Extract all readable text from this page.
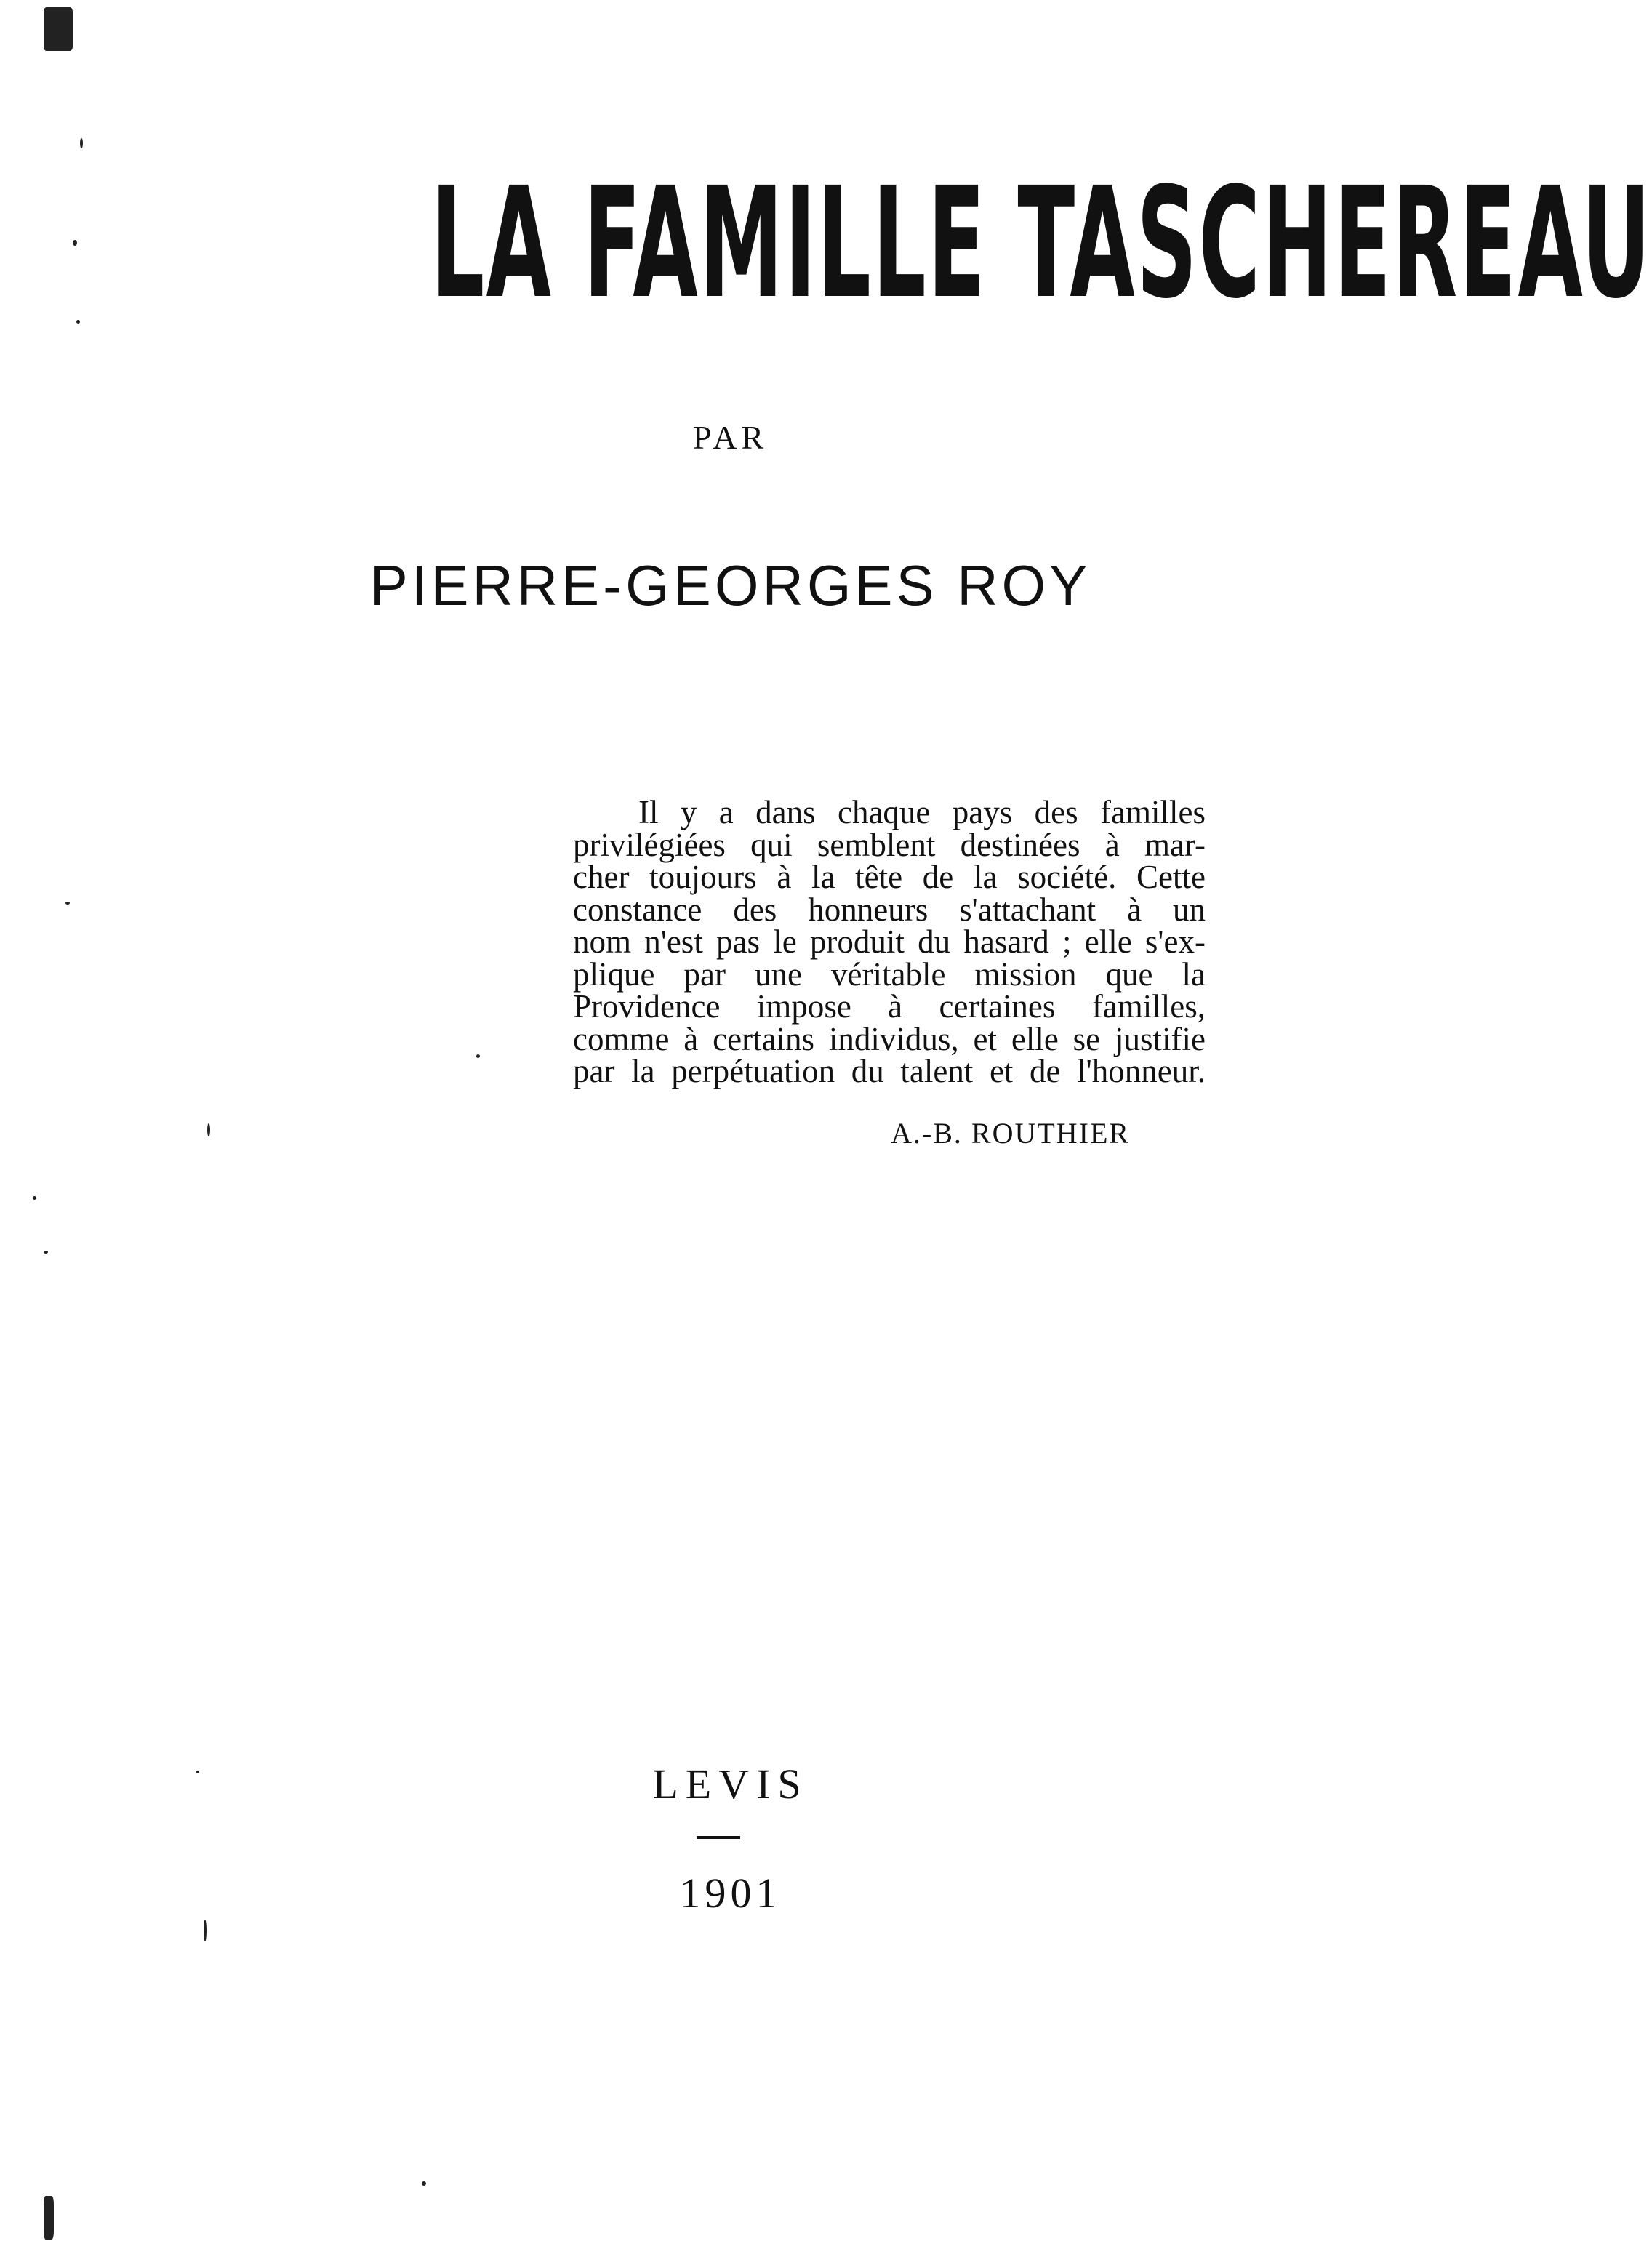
LA FAMILLE TASCHEREAU
PAR
PIERRE-GEORGES ROY
Il y a dans chaque pays des familles
privilégiées qui semblent destinées à mar-
cher toujours à la tête de la société. Cette
constance des honneurs s'attachant à un
nom n'est pas le produit du hasard ; elle s'ex-
plique par une véritable mission que la
Providence impose à certaines familles,
comme à certains individus, et elle se justifie
par la perpétuation du talent et de l'honneur.
A.-B. ROUTHIER
LEVIS
1901
